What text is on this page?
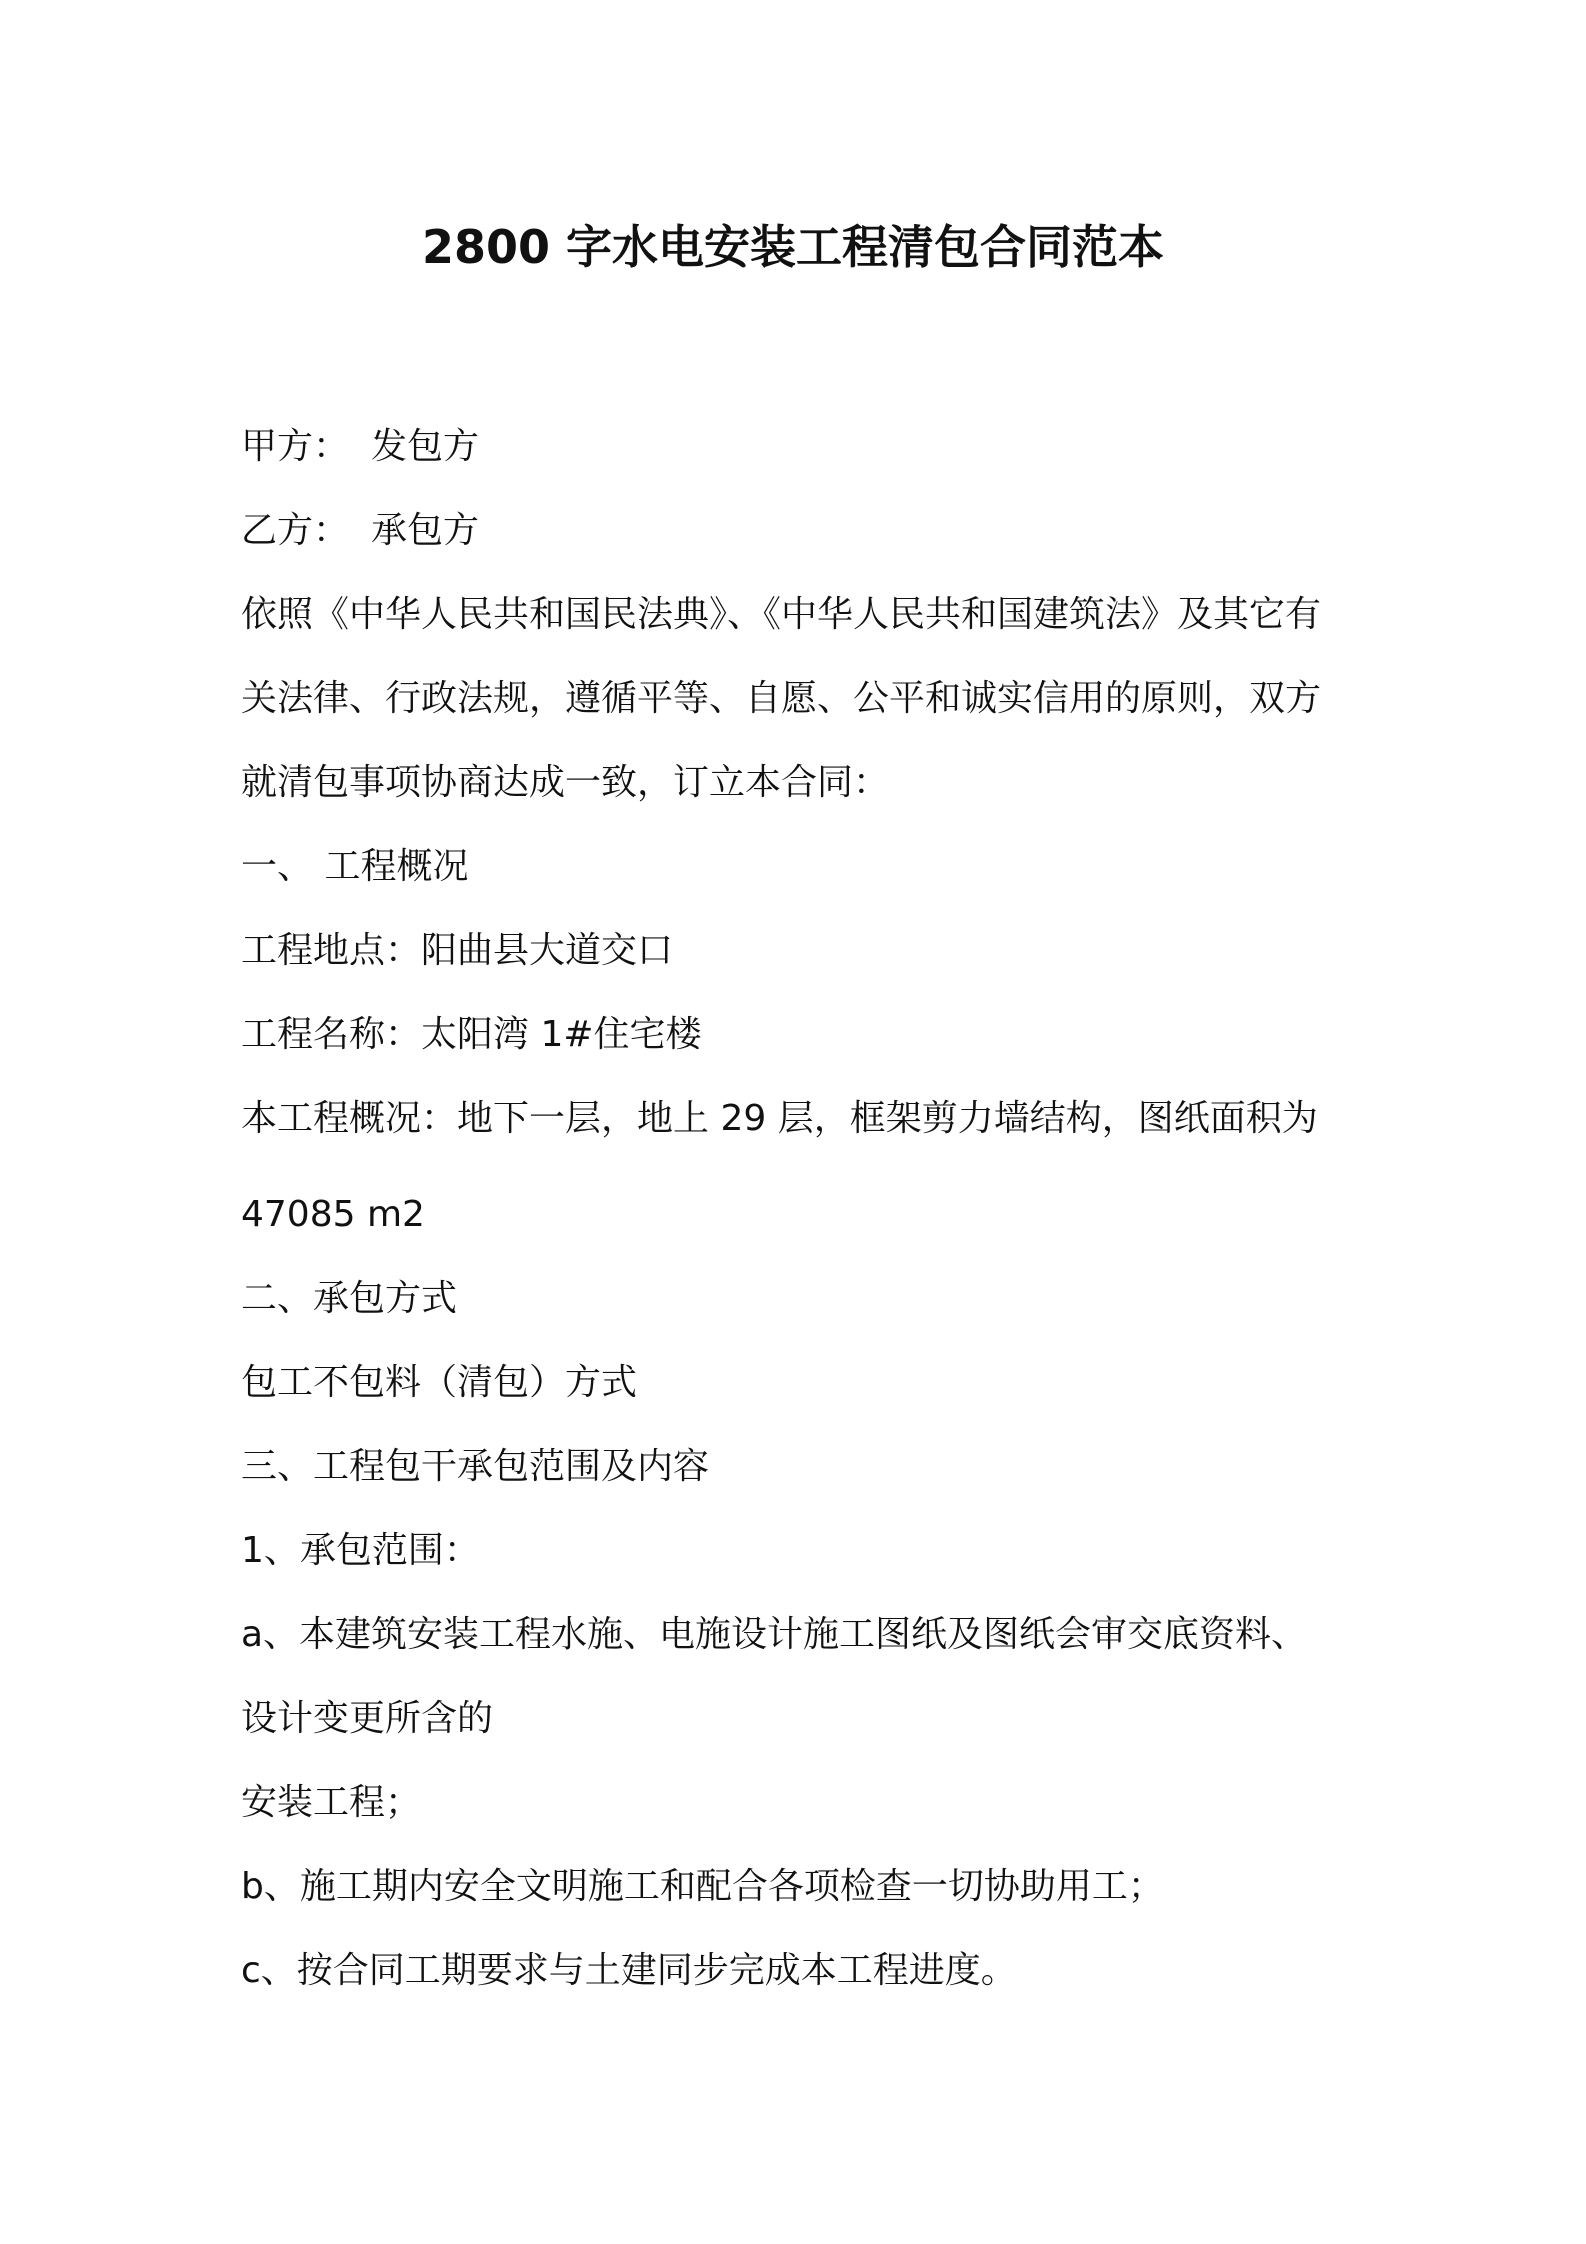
2800 字水电安装工程清包合同范本
甲方： 发包方
乙方： 承包方
依照《中华人民共和国民法典》、《中华人民共和国建筑法》及其它有
关法律、行政法规，遵循平等、自愿、公平和诚实信用的原则，双方
就清包事项协商达成一致，订立本合同：
一、 工程概况
工程地点：阳曲县大道交口
工程名称：太阳湾 1#住宅楼
本工程概况：地下一层，地上 29 层，框架剪力墙结构，图纸面积为
47085 m2
二、承包方式
包工不包料（清包）方式
三、工程包干承包范围及内容
1、承包范围：
a、本建筑安装工程水施、电施设计施工图纸及图纸会审交底资料、
设计变更所含的
安装工程；
b、施工期内安全文明施工和配合各项检查一切协助用工；
c、按合同工期要求与土建同步完成本工程进度。
